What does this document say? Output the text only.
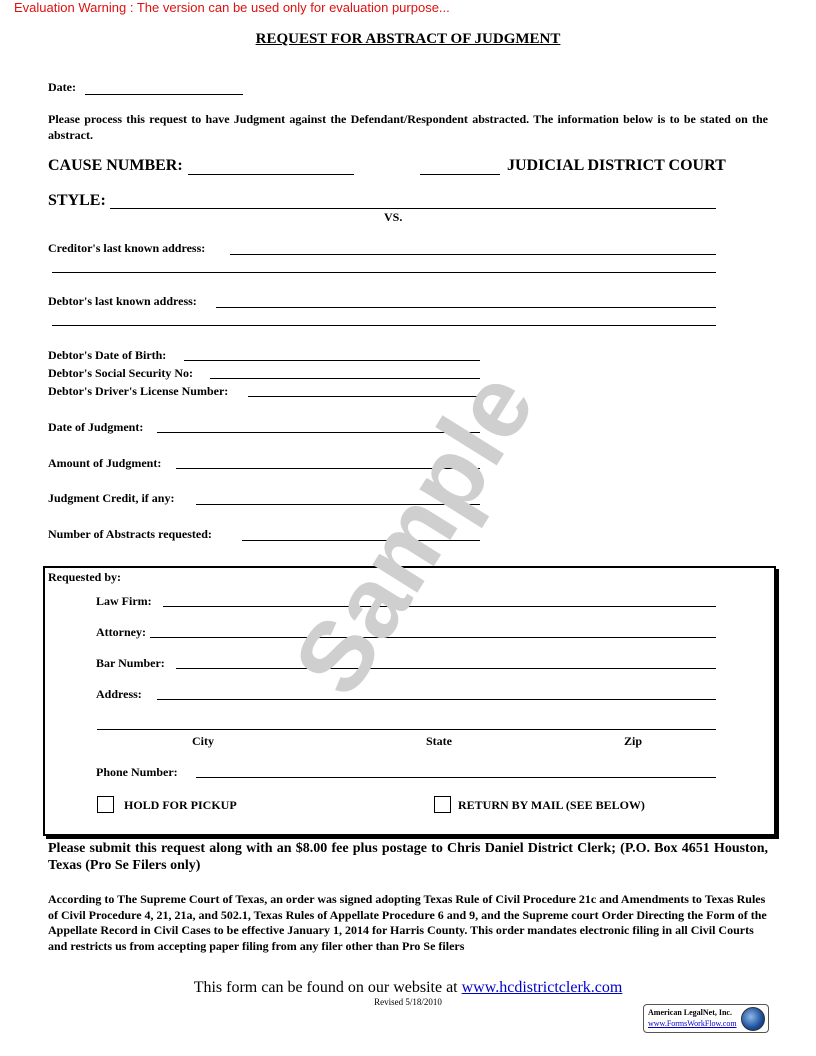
Evaluation Warning : The version can be used only for evaluation purpose...
REQUEST FOR ABSTRACT OF JUDGMENT
Date:
Please process this request to have Judgment against the Defendant/Respondent abstracted. The information below is to be stated on the abstract.
CAUSE NUMBER:	JUDICIAL DISTRICT COURT
STYLE:
VS.
Creditor's last known address:
Debtor's last known address:
Debtor's Date of Birth:
Debtor's Social Security No:
Debtor's Driver's License Number:
Date of Judgment:
Amount of Judgment:
Judgment Credit, if any:
Number of Abstracts requested:
Requested by:
Law Firm:
Attorney:
Bar Number:
Address:
City	State	Zip
Phone Number:
HOLD FOR PICKUP	RETURN BY MAIL (SEE BELOW)
Please submit this request along with an $8.00 fee plus postage to Chris Daniel District Clerk; (P.O. Box 4651 Houston, Texas (Pro Se Filers only)
According to The Supreme Court of Texas, an order was signed adopting Texas Rule of Civil Procedure 21c and Amendments to Texas Rules of Civil Procedure 4, 21, 21a, and 502.1, Texas Rules of Appellate Procedure 6 and 9, and the Supreme court Order Directing the Form of the Appellate Record in Civil Cases to be effective January 1, 2014 for Harris County. This order mandates electronic filing in all Civil Courts and restricts us from accepting paper filing from any filer other than Pro Se filers
This form can be found on our website at www.hcdistrictclerk.com
Revised 5/18/2010
American LegalNet, Inc.
www.FormsWorkFlow.com
Sample
